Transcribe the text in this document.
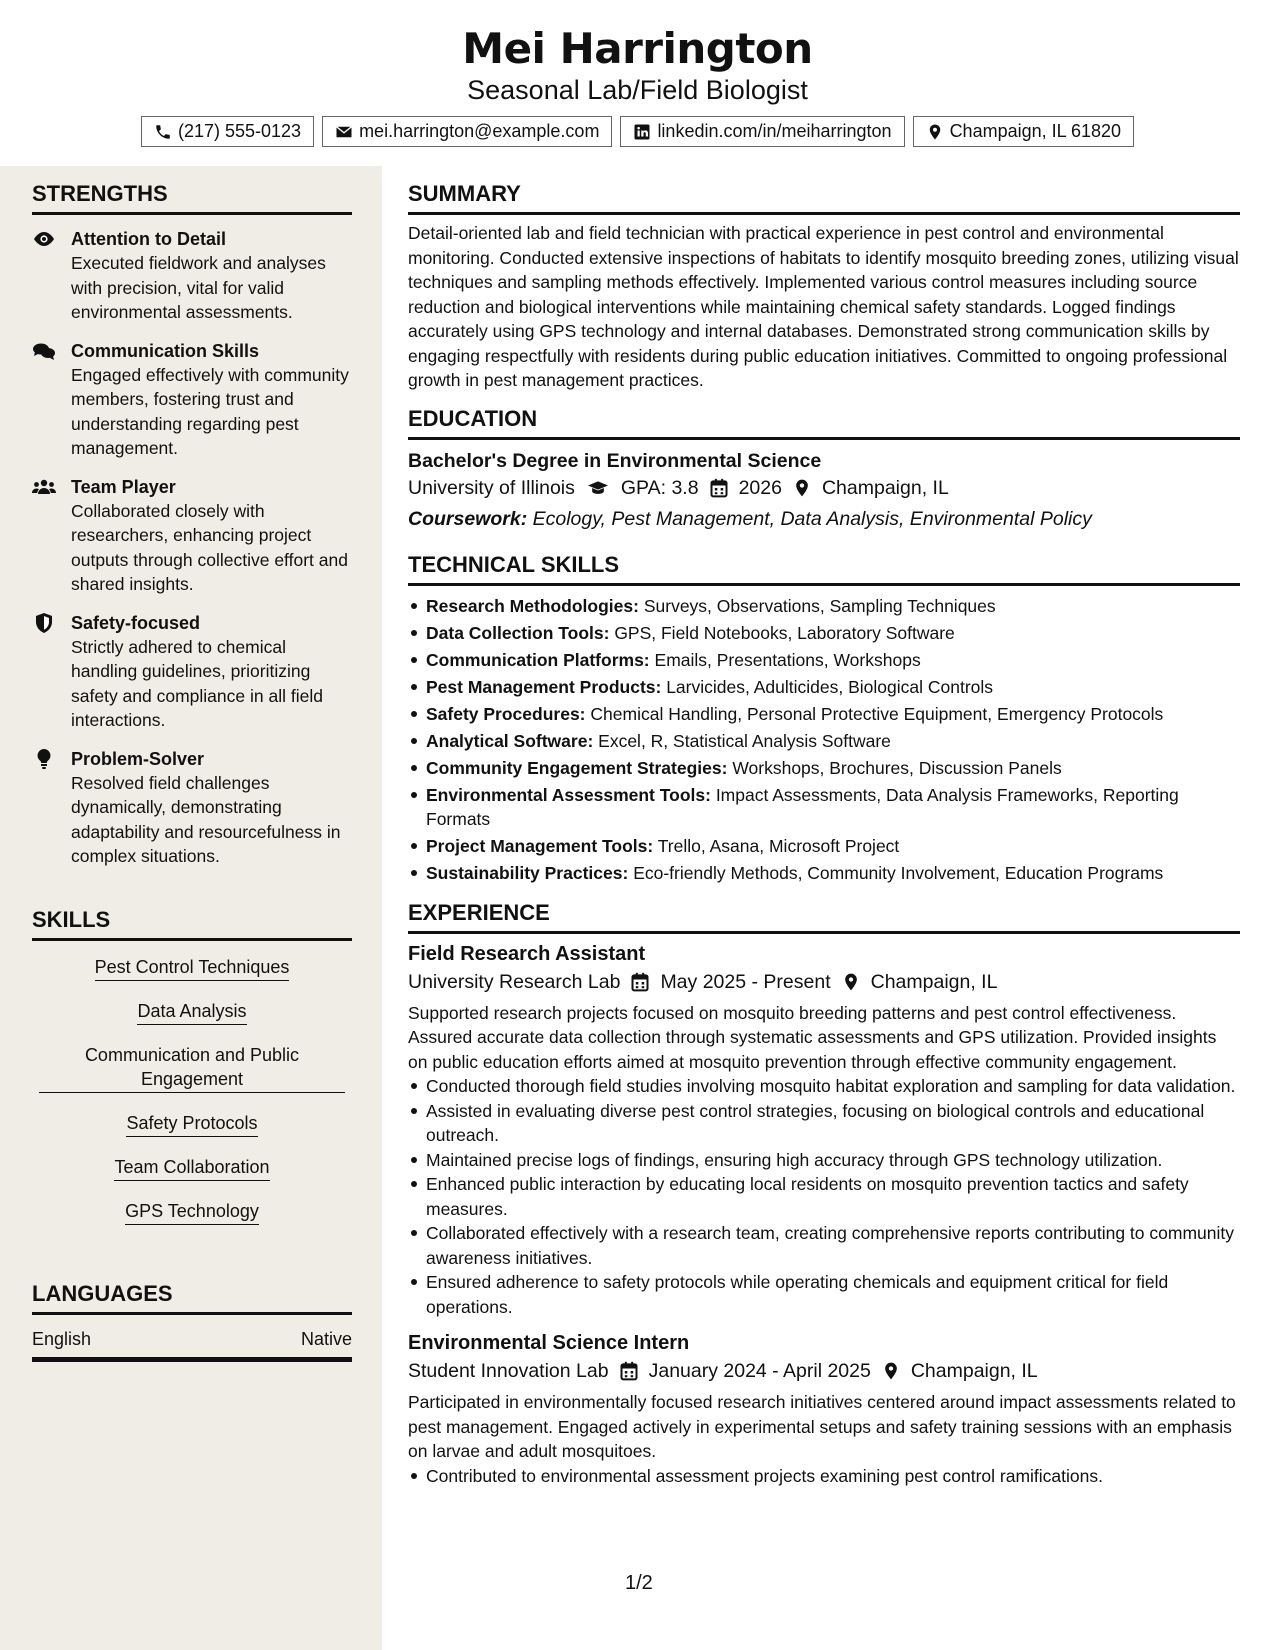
Mei Harrington
Seasonal Lab/Field Biologist
(217) 555-0123	mei.harrington@example.com	linkedin.com/in/meiharrington	Champaign, IL 61820
STRENGTHS
Attention to Detail
Executed fieldwork and analyses with precision, vital for valid environmental assessments.
Communication Skills
Engaged effectively with community members, fostering trust and understanding regarding pest management.
Team Player
Collaborated closely with researchers, enhancing project outputs through collective effort and shared insights.
Safety-focused
Strictly adhered to chemical handling guidelines, prioritizing safety and compliance in all field interactions.
Problem-Solver
Resolved field challenges dynamically, demonstrating adaptability and resourcefulness in complex situations.
SKILLS
Pest Control Techniques
Data Analysis
Communication and Public Engagement
Safety Protocols
Team Collaboration
GPS Technology
LANGUAGES
English	Native
SUMMARY
Detail-oriented lab and field technician with practical experience in pest control and environmental monitoring. Conducted extensive inspections of habitats to identify mosquito breeding zones, utilizing visual techniques and sampling methods effectively. Implemented various control measures including source reduction and biological interventions while maintaining chemical safety standards. Logged findings accurately using GPS technology and internal databases. Demonstrated strong communication skills by engaging respectfully with residents during public education initiatives. Committed to ongoing professional growth in pest management practices.
EDUCATION
Bachelor's Degree in Environmental Science
University of Illinois GPA: 3.8 2026 Champaign, IL
Coursework: Ecology, Pest Management, Data Analysis, Environmental Policy
TECHNICAL SKILLS
Research Methodologies: Surveys, Observations, Sampling Techniques
Data Collection Tools: GPS, Field Notebooks, Laboratory Software
Communication Platforms: Emails, Presentations, Workshops
Pest Management Products: Larvicides, Adulticides, Biological Controls
Safety Procedures: Chemical Handling, Personal Protective Equipment, Emergency Protocols
Analytical Software: Excel, R, Statistical Analysis Software
Community Engagement Strategies: Workshops, Brochures, Discussion Panels
Environmental Assessment Tools: Impact Assessments, Data Analysis Frameworks, Reporting Formats
Project Management Tools: Trello, Asana, Microsoft Project
Sustainability Practices: Eco-friendly Methods, Community Involvement, Education Programs
EXPERIENCE
Field Research Assistant
University Research Lab May 2025 - Present Champaign, IL
Supported research projects focused on mosquito breeding patterns and pest control effectiveness. Assured accurate data collection through systematic assessments and GPS utilization. Provided insights on public education efforts aimed at mosquito prevention through effective community engagement.
Conducted thorough field studies involving mosquito habitat exploration and sampling for data validation.
Assisted in evaluating diverse pest control strategies, focusing on biological controls and educational outreach.
Maintained precise logs of findings, ensuring high accuracy through GPS technology utilization.
Enhanced public interaction by educating local residents on mosquito prevention tactics and safety measures.
Collaborated effectively with a research team, creating comprehensive reports contributing to community awareness initiatives.
Ensured adherence to safety protocols while operating chemicals and equipment critical for field operations.
Environmental Science Intern
Student Innovation Lab January 2024 - April 2025 Champaign, IL
Participated in environmentally focused research initiatives centered around impact assessments related to pest management. Engaged actively in experimental setups and safety training sessions with an emphasis on larvae and adult mosquitoes.
Contributed to environmental assessment projects examining pest control ramifications.
1/2
